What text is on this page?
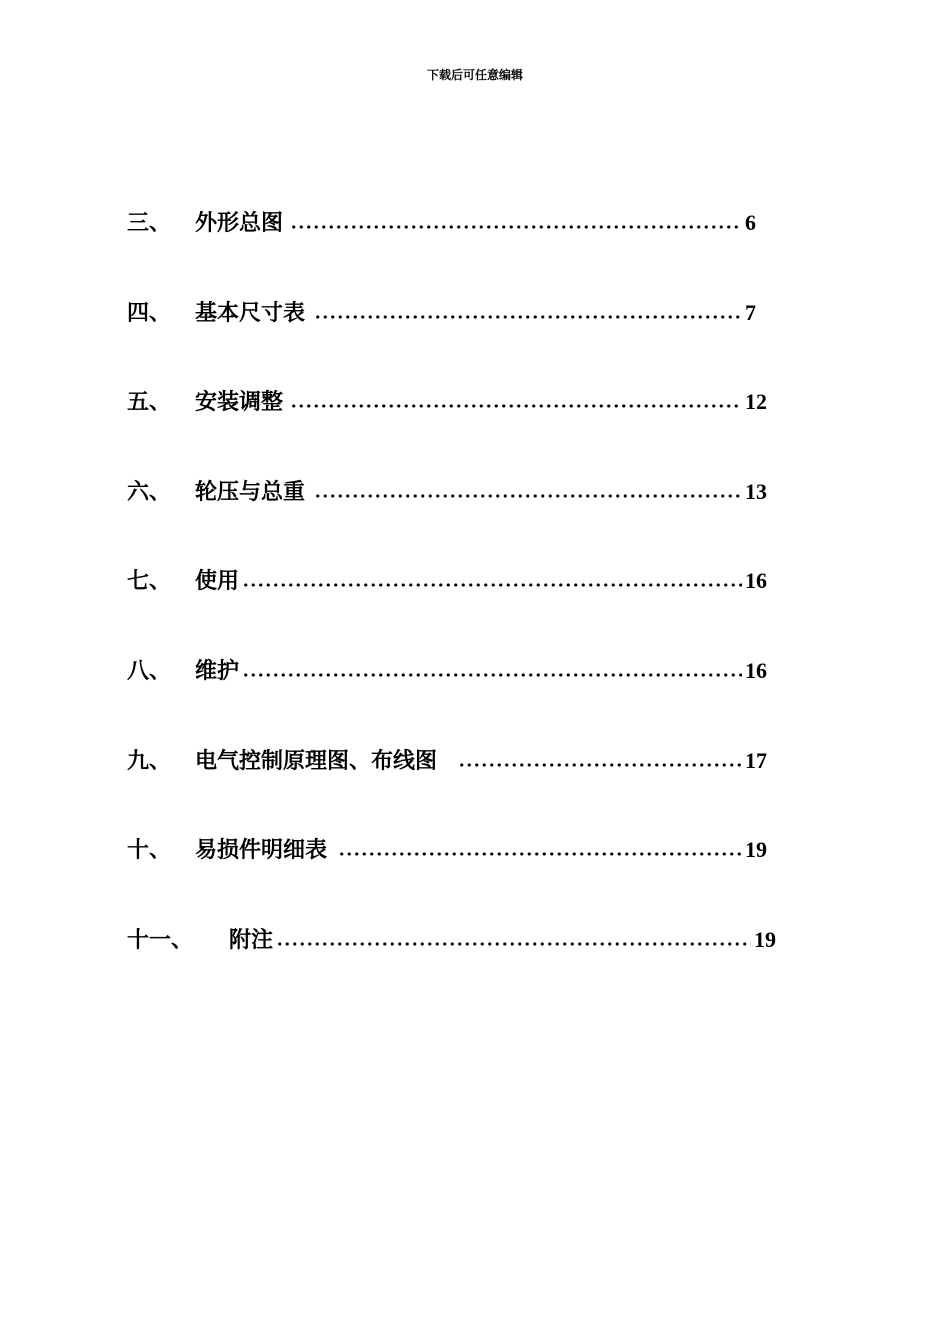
下载后可任意编辑
三、 外形总图	6
四、 基本尺寸表	7
五、 安装调整	12
六、 轮压与总重	13
七、 使用	16
八、 维护	16
九、 电气控制原理图、布线图	17
十、 易损件明细表	19
十一、 附注	19
